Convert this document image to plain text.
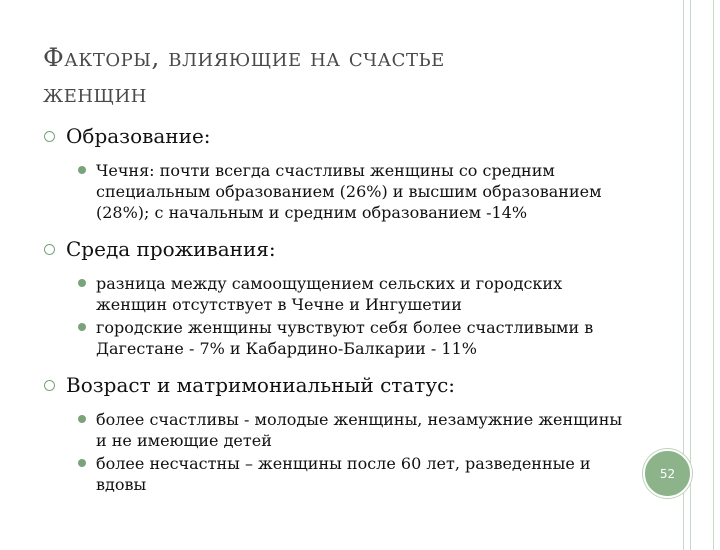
Факторы, влияющие на счастье
женщин
Образование:
Чечня: почти всегда счастливы женщины со средним специальным образованием (26%) и высшим образованием (28%); с начальным и средним образованием -14%
Среда проживания:
разница между самоощущением сельских и городских женщин отсутствует в Чечне и Ингушетии
городские женщины чувствуют себя более счастливыми в Дагестане - 7% и Кабардино-Балкарии - 11%
Возраст и матримониальный статус:
более счастливы - молодые женщины, незамужние женщины и не имеющие детей
более несчастны – женщины после 60 лет, разведенные и вдовы
52
